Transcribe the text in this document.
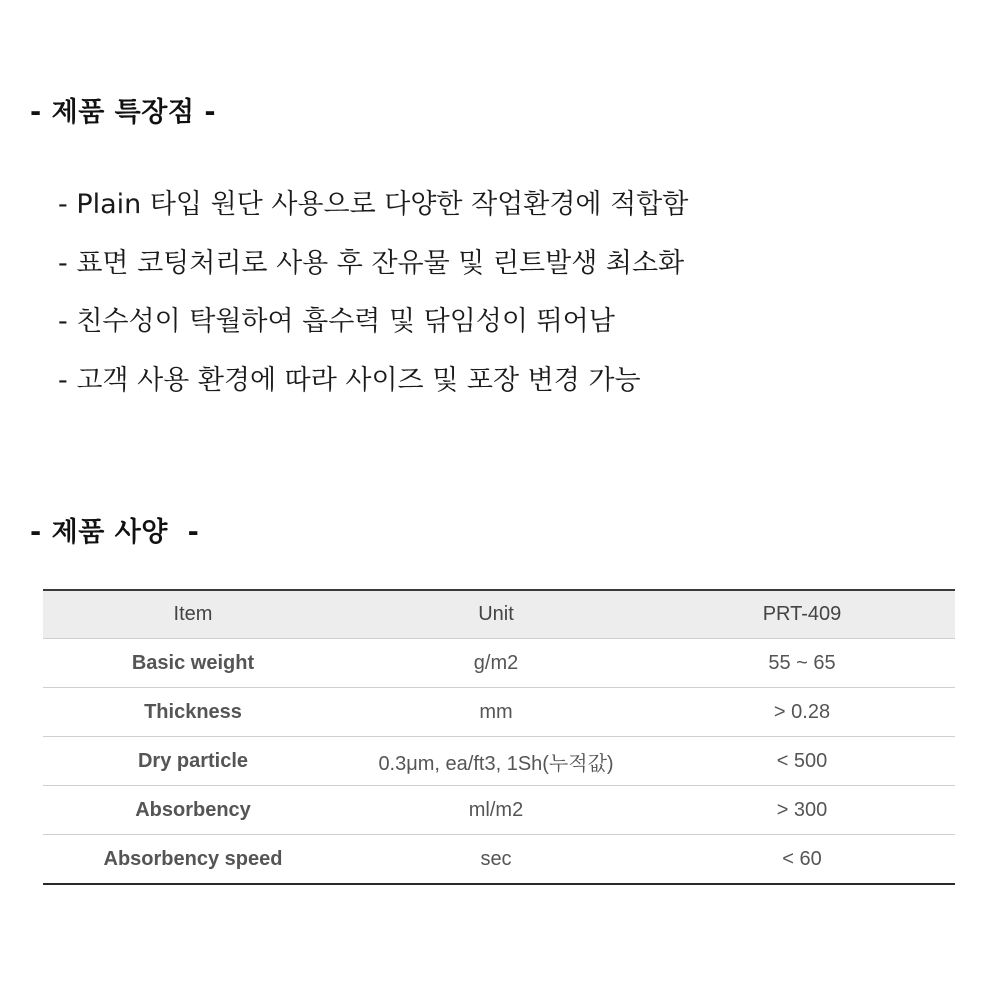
- 제품 특장점 -
- Plain 타입 원단 사용으로 다양한 작업환경에 적합함
- 표면 코팅처리로 사용 후 잔유물 및 린트발생 최소화
- 친수성이 탁월하여 흡수력 및 닦임성이 뛰어남
- 고객 사용 환경에 따라 사이즈 및 포장 변경 가능
- 제품 사양  -
Item	Unit	PRT-409
Basic weight	g/m2	55 ~ 65
Thickness	mm	> 0.28
Dry particle	0.3μm, ea/ft3, 1Sh(누적값)	< 500
Absorbency	ml/m2	> 300
Absorbency speed	sec	< 60
